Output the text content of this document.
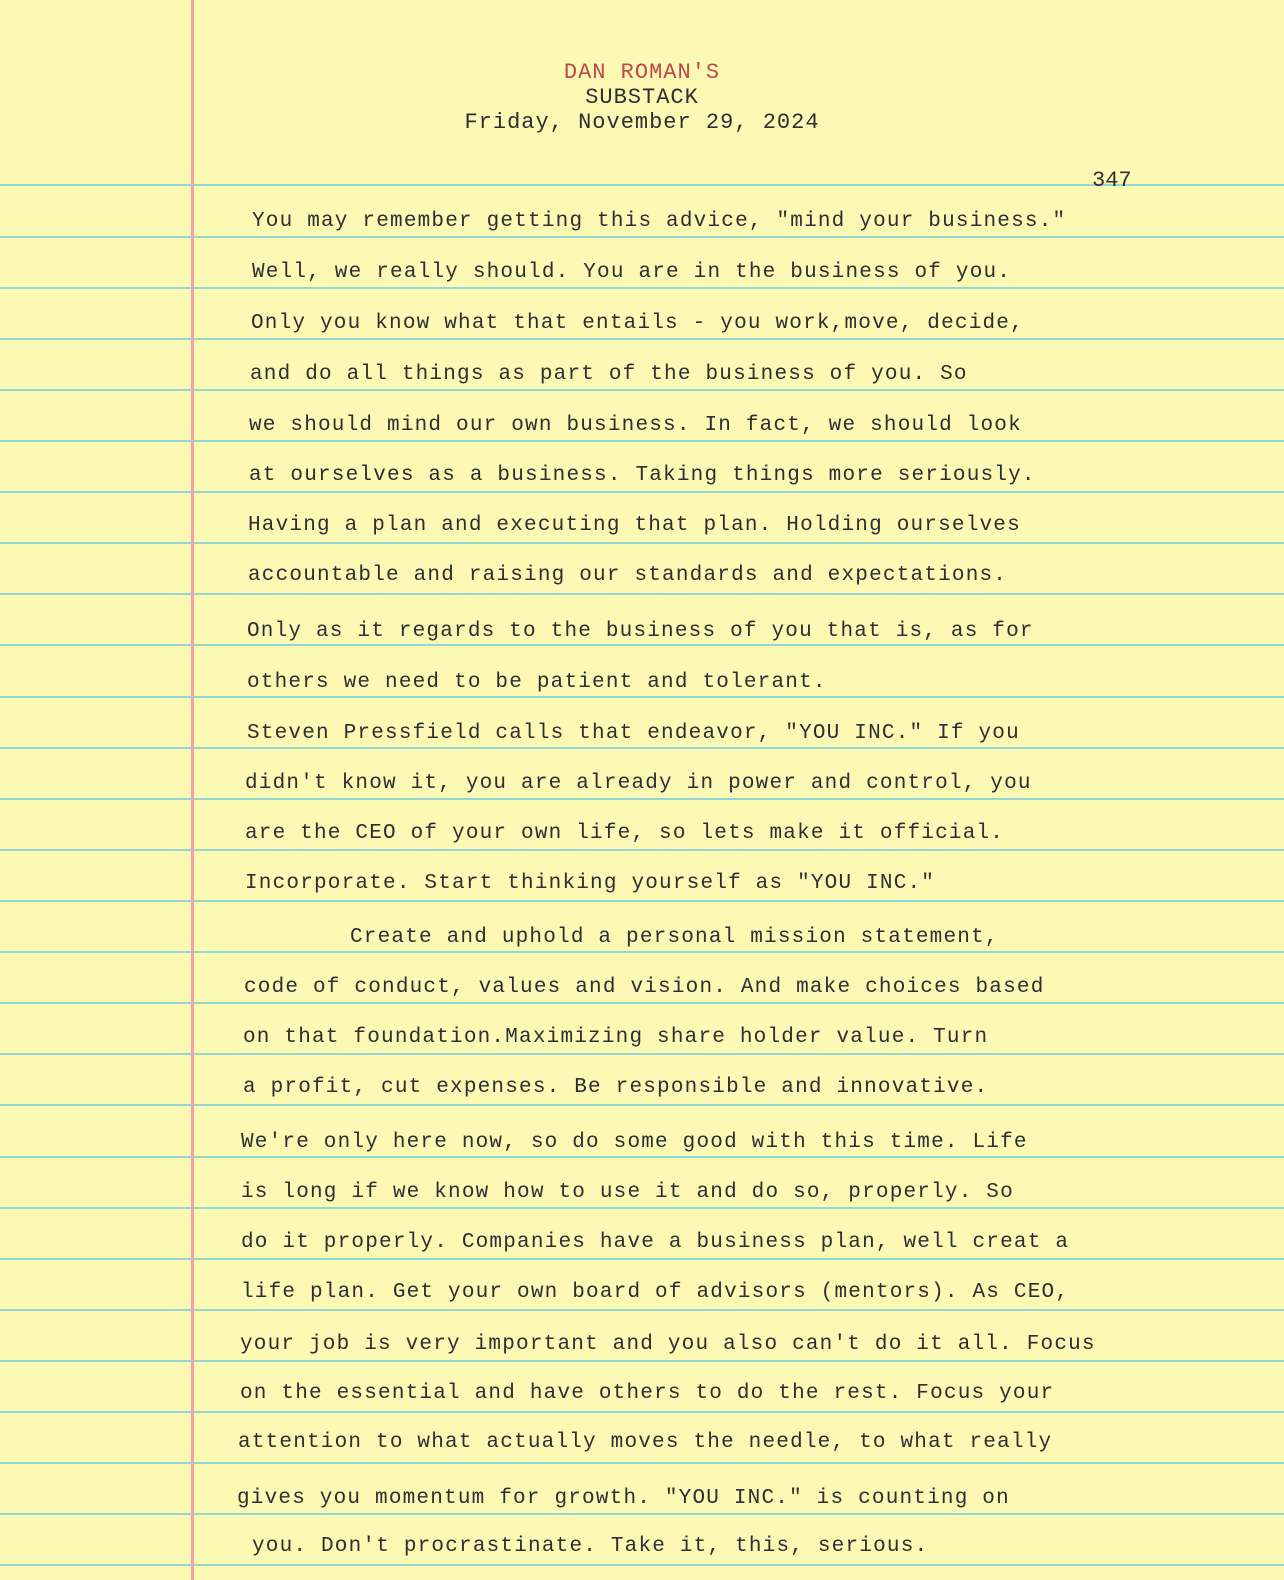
DAN ROMAN'S
SUBSTACK
Friday, November 29, 2024
347
You may remember getting this advice, "mind your business."
Well, we really should. You are in the business of you.
Only you know what that entails - you work,move, decide,
and do all things as part of the business of you. So
we should mind our own business. In fact, we should look
at ourselves as a business. Taking things more seriously.
Having a plan and executing that plan. Holding ourselves
accountable and raising our standards and expectations.
Only as it regards to the business of you that is, as for
others we need to be patient and tolerant.
Steven Pressfield calls that endeavor, "YOU INC." If you
didn't know it, you are already in power and control, you
are the CEO of your own life, so lets make it official.
Incorporate. Start thinking yourself as "YOU INC."
Create and uphold a personal mission statement,
code of conduct, values and vision. And make choices based
on that foundation.Maximizing share holder value. Turn
a profit, cut expenses. Be responsible and innovative.
We're only here now, so do some good with this time. Life
is long if we know how to use it and do so, properly. So
do it properly. Companies have a business plan, well creat a
life plan. Get your own board of advisors (mentors). As CEO,
your job is very important and you also can't do it all. Focus
on the essential and have others to do the rest. Focus your
attention to what actually moves the needle, to what really
gives you momentum for growth. "YOU INC." is counting on
you. Don't procrastinate. Take it, this, serious.
